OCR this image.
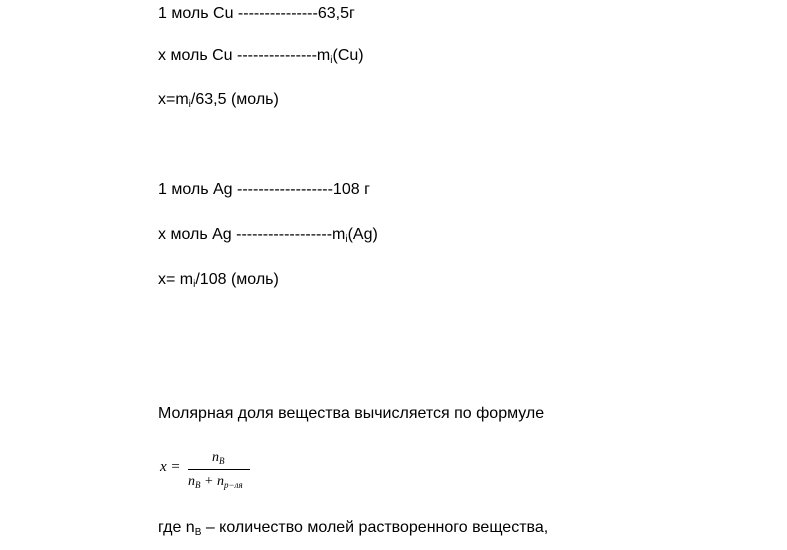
1 моль Cu ---------------63,5г
x моль Cu $---------------m_i(Cu)$
$x=m_i/63,5$ (моль)
1 моль Ag ------------------108 г
x моль Ag $------------------m_i(Ag)$
$x= m_i/108$ (моль)
Молярная доля вещества вычисляется по формуле
x =
$n_B$
$n_B + n_{p-ля}$
где $n_B$ – количество молей растворенного вещества,
